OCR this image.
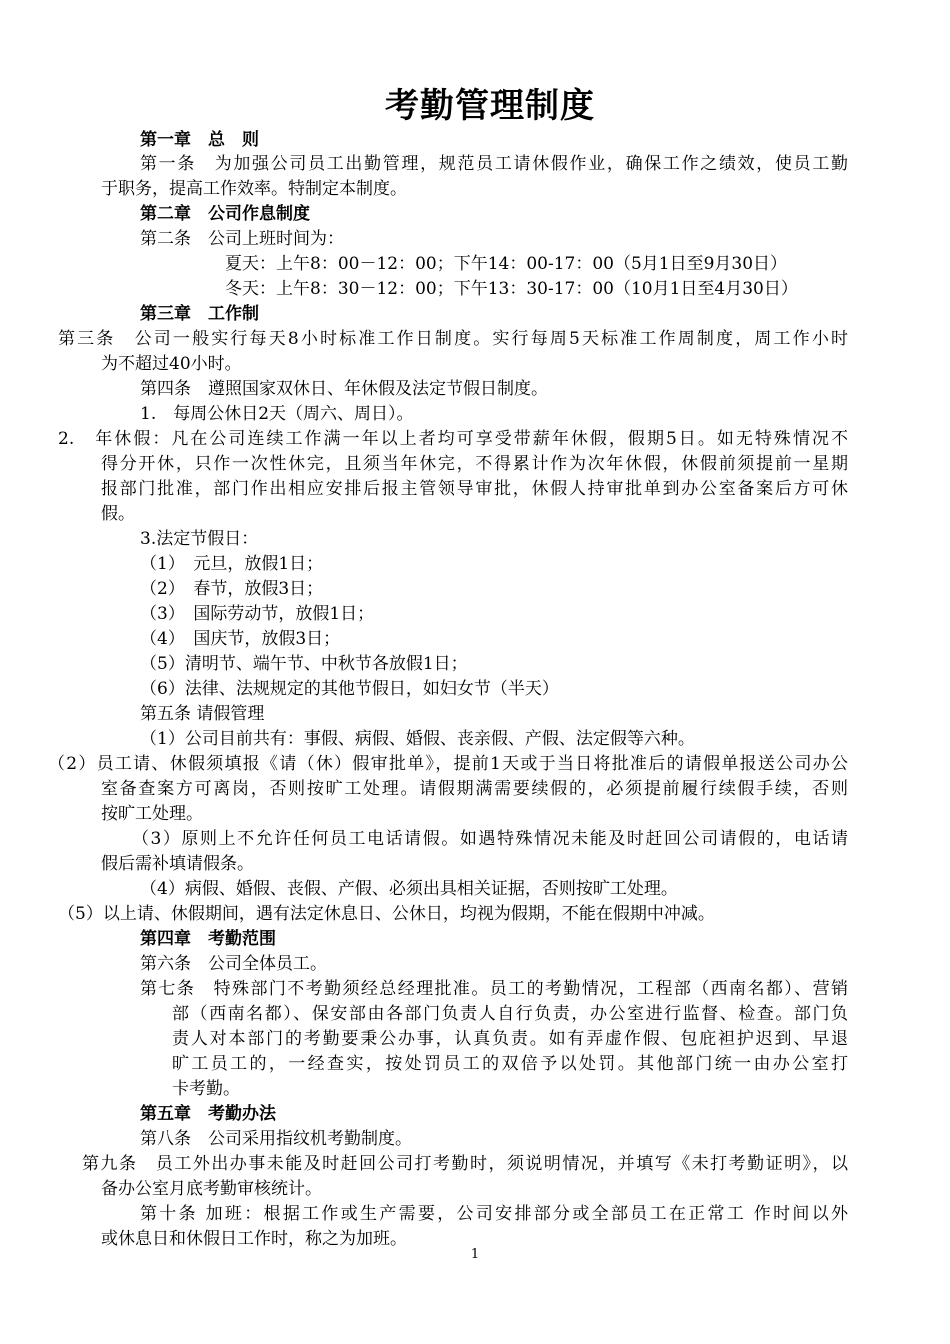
考勤管理制度

第一章　总　则

第一条　为加强公司员工出勤管理，规范员工请休假作业，确保工作之绩效，使员工勤

于职务，提高工作效率。特制定本制度。

第二章　公司作息制度

第二条　公司上班时间为：

夏天：上午8：00－12：00；下午14：00-17：00（5月1日至9月30日）

冬天：上午8：30－12：00；下午13：30-17：00（10月1日至4月30日）

第三章　工作制

第三条　公司一般实行每天8小时标准工作日制度。实行每周5天标准工作周制度，周工作小时

为不超过40小时。

第四条　遵照国家双休日、年休假及法定节假日制度。

1.　每周公休日2天（周六、周日）。

2.　年休假：凡在公司连续工作满一年以上者均可享受带薪年休假，假期5日。如无特殊情况不

得分开休，只作一次性休完，且须当年休完，不得累计作为次年休假，休假前须提前一星期

报部门批准，部门作出相应安排后报主管领导审批，休假人持审批单到办公室备案后方可休

假。

3.法定节假日：

（1）　元旦，放假1日；

（2）　春节，放假3日；

（3）　国际劳动节，放假1日；

（4）　国庆节，放假3日；

（5）清明节、端午节、中秋节各放假1日；

（6）法律、法规规定的其他节假日，如妇女节（半天）

第五条 请假管理

（1）公司目前共有：事假、病假、婚假、丧亲假、产假、法定假等六种。

（2）员工请、休假须填报《请（休）假审批单》，提前1天或于当日将批准后的请假单报送公司办公

室备查案方可离岗，否则按旷工处理。请假期满需要续假的，必须提前履行续假手续，否则

按旷工处理。

（3）原则上不允许任何员工电话请假。如遇特殊情况未能及时赶回公司请假的，电话请

假后需补填请假条。

（4）病假、婚假、丧假、产假、必须出具相关证据，否则按旷工处理。

（5）以上请、休假期间，遇有法定休息日、公休日，均视为假期，不能在假期中冲减。

第四章　考勤范围

第六条　公司全体员工。

第七条　特殊部门不考勤须经总经理批准。员工的考勤情况，工程部（西南名都）、营销

部（西南名都）、保安部由各部门负责人自行负责，办公室进行监督、检查。部门负

责人对本部门的考勤要秉公办事，认真负责。如有弄虚作假、包庇袒护迟到、早退

旷工员工的，一经查实，按处罚员工的双倍予以处罚。其他部门统一由办公室打

卡考勤。

第五章　考勤办法

第八条　公司采用指纹机考勤制度。

第九条　员工外出办事未能及时赶回公司打考勤时，须说明情况，并填写《未打考勤证明》，以

备办公室月底考勤审核统计。

第十条 加班：根据工作或生产需要，公司安排部分或全部员工在正常工 作时间以外

或休息日和休假日工作时，称之为加班。

1
